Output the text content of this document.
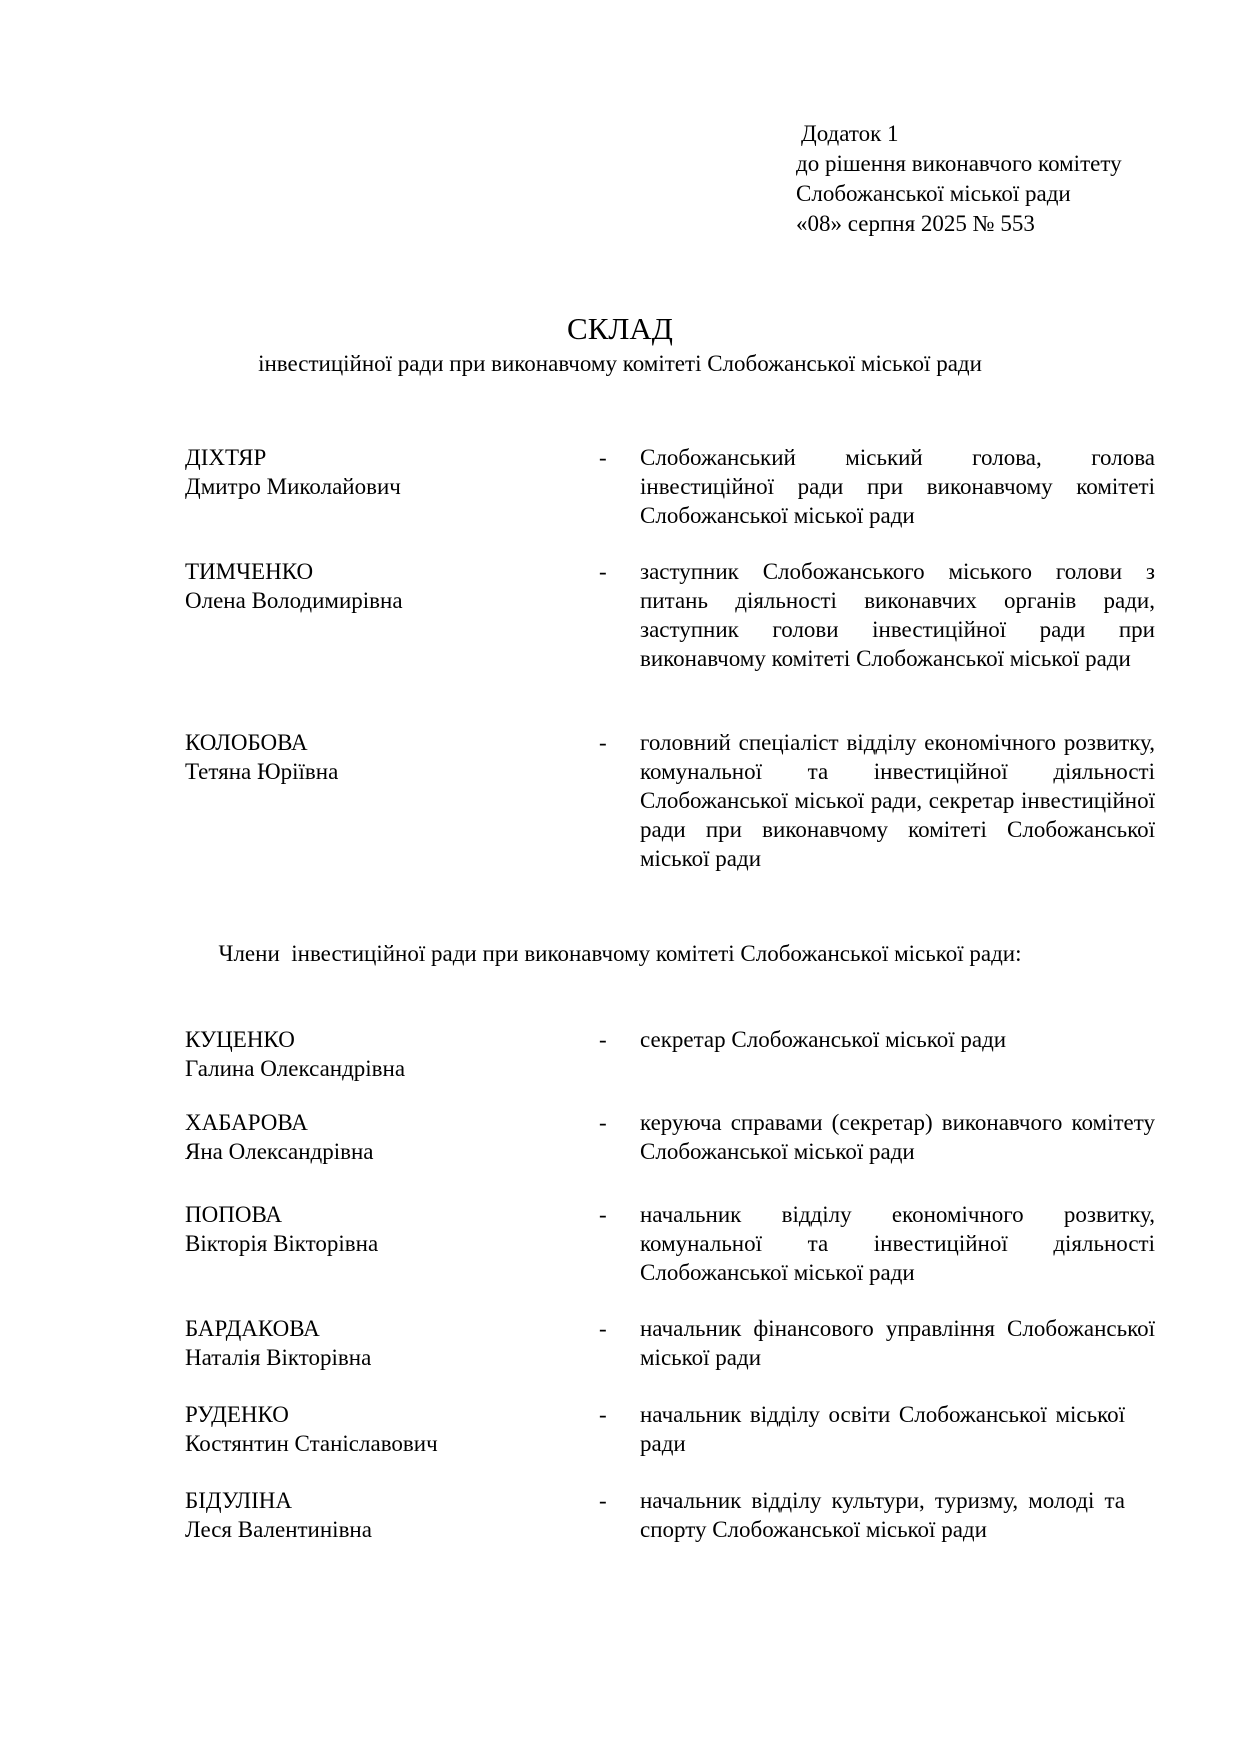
Додаток 1
до рішення виконавчого комітету
Слобожанської міської ради
«08» серпня 2025 № 553
СКЛАД
інвестиційної ради при виконавчому комітеті Слобожанської міської ради
ДІХТЯР
Дмитро Миколайович
- Слобожанський міський голова, голова інвестиційної ради при виконавчому комітеті Слобожанської міської ради
ТИМЧЕНКО
Олена Володимирівна
- заступник Слобожанського міського голови з питань діяльності виконавчих органів ради, заступник голови інвестиційної ради при виконавчому комітеті Слобожанської міської ради
КОЛОБОВА
Тетяна Юріївна
- головний спеціаліст відділу економічного розвитку, комунальної та інвестиційної діяльності Слобожанської міської ради, секретар інвестиційної ради при виконавчому комітеті Слобожанської міської ради
Члени  інвестиційної ради при виконавчому комітеті Слобожанської міської ради:
КУЦЕНКО
Галина Олександрівна
- секретар Слобожанської міської ради
ХАБАРОВА
Яна Олександрівна
- керуюча справами (секретар) виконавчого комітету Слобожанської міської ради
ПОПОВА
Вікторія Вікторівна
- начальник відділу економічного розвитку, комунальної та інвестиційної діяльності Слобожанської міської ради
БАРДАКОВА
Наталія Вікторівна
- начальник фінансового управління Слобожанської міської ради
РУДЕНКО
Костянтин Станіславович
- начальник відділу освіти Слобожанської міської ради
БІДУЛІНА
Леся Валентинівна
- начальник відділу культури, туризму, молоді та спорту Слобожанської міської ради
